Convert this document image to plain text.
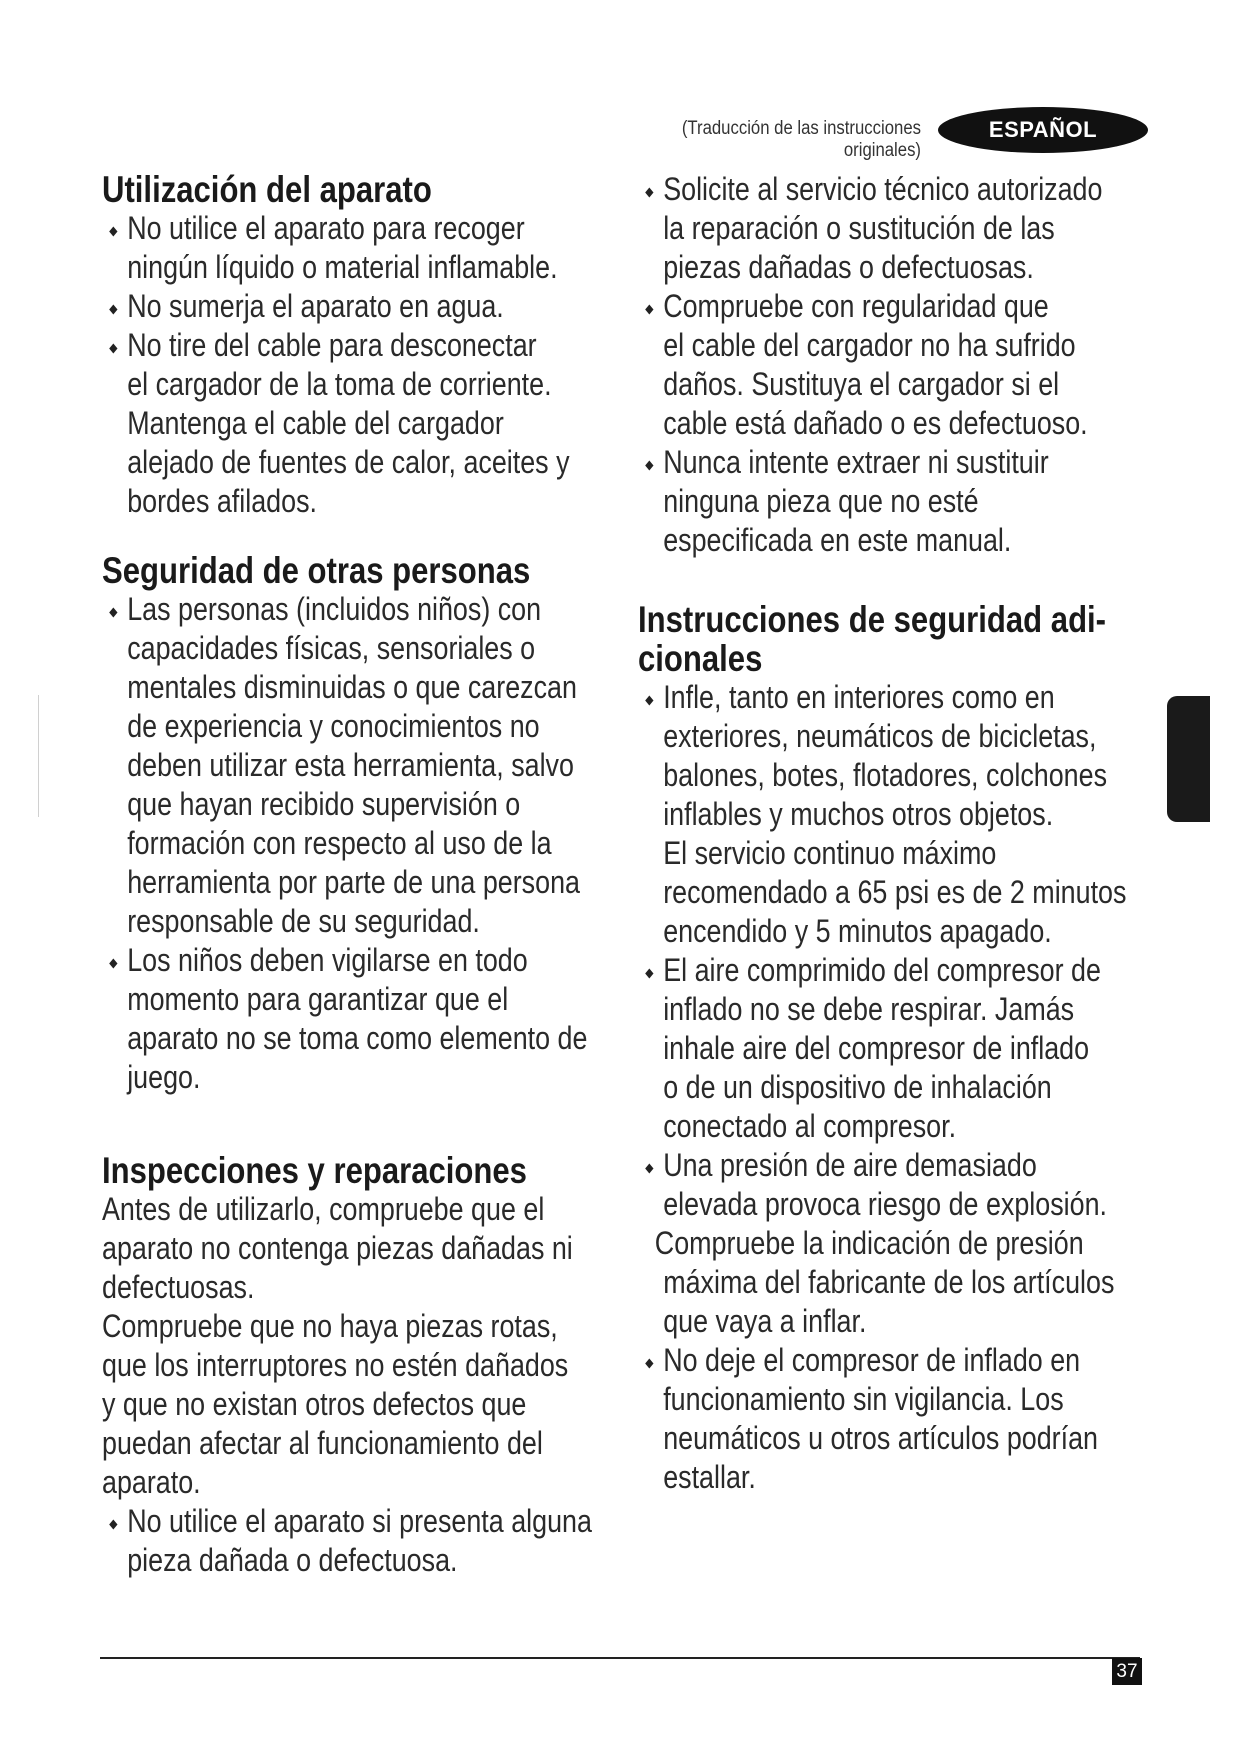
(Traducción de las instrucciones originales)
ESPAÑOL
Utilización del aparato
No utilice el aparato para recoger
ningún líquido o material inflamable.
No sumerja el aparato en agua.
No tire del cable para desconectar
el cargador de la toma de corriente.
Mantenga el cable del cargador
alejado de fuentes de calor, aceites y
bordes afilados.
Seguridad de otras personas
Las personas (incluidos niños) con
capacidades físicas, sensoriales o
mentales disminuidas o que carezcan
de experiencia y conocimientos no
deben utilizar esta herramienta, salvo
que hayan recibido supervisión o
formación con respecto al uso de la
herramienta por parte de una persona
responsable de su seguridad.
Los niños deben vigilarse en todo
momento para garantizar que el
aparato no se toma como elemento de
juego.
Inspecciones y reparaciones
Antes de utilizarlo, compruebe que el
aparato no contenga piezas dañadas ni
defectuosas.
Compruebe que no haya piezas rotas,
que los interruptores no estén dañados
y que no existan otros defectos que
puedan afectar al funcionamiento del
aparato.
No utilice el aparato si presenta alguna
pieza dañada o defectuosa.
Solicite al servicio técnico autorizado
la reparación o sustitución de las
piezas dañadas o defectuosas.
Compruebe con regularidad que
el cable del cargador no ha sufrido
daños. Sustituya el cargador si el
cable está dañado o es defectuoso.
Nunca intente extraer ni sustituir
ninguna pieza que no esté
especificada en este manual.
Instrucciones de seguridad adi-
cionales
Infle, tanto en interiores como en
exteriores, neumáticos de bicicletas,
balones, botes, flotadores, colchones
inflables y muchos otros objetos.
El servicio continuo máximo
recomendado a 65 psi es de 2 minutos
encendido y 5 minutos apagado.
El aire comprimido del compresor de
inflado no se debe respirar. Jamás
inhale aire del compresor de inflado
o de un dispositivo de inhalación
conectado al compresor.
Una presión de aire demasiado
elevada provoca riesgo de explosión.
Compruebe la indicación de presión
máxima del fabricante de los artículos
que vaya a inflar.
No deje el compresor de inflado en
funcionamiento sin vigilancia. Los
neumáticos u otros artículos podrían
estallar.
37
